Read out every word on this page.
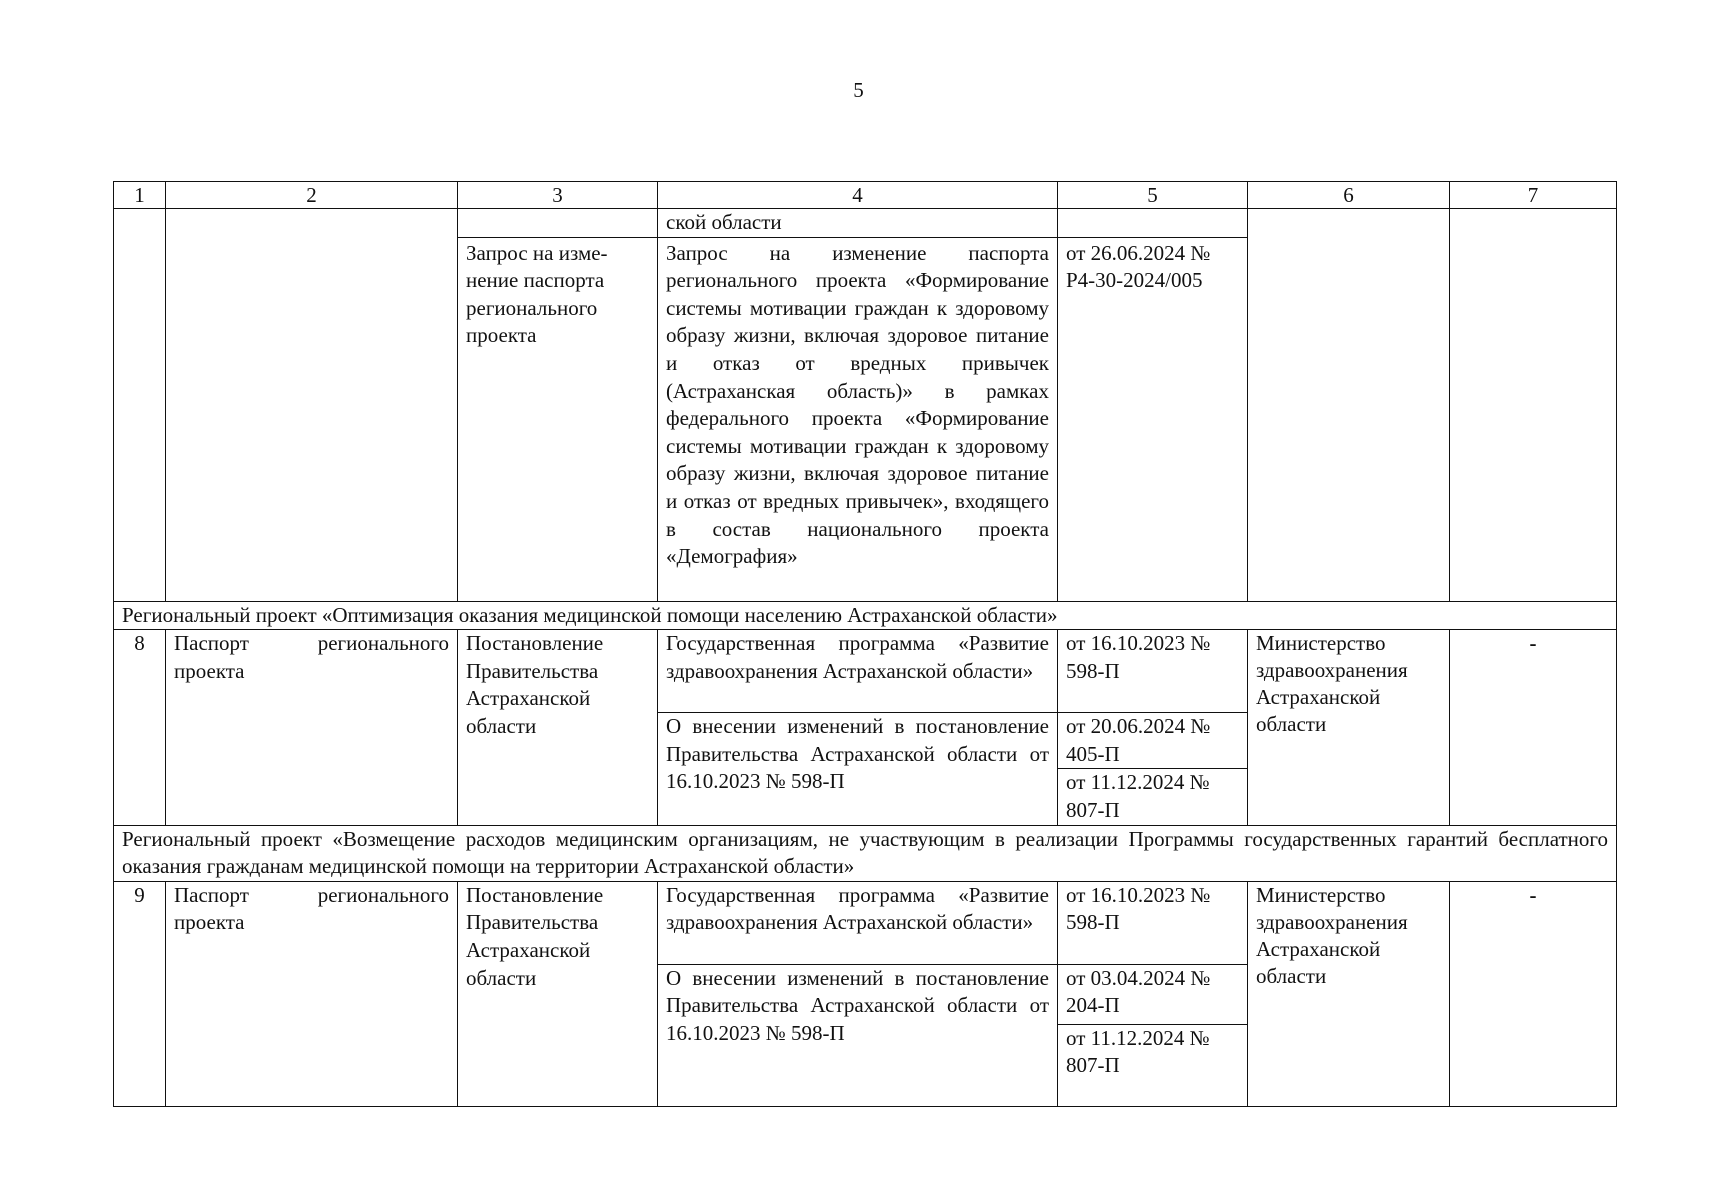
5
1	2	3	4	5	6	7
			ской области			
		Запрос на изме-нение паспорта регионального проекта	Запрос на изменение паспорта регионального проекта «Формирование системы мотивации граждан к здоровому образу жизни, включая здоровое питание и отказ от вредных привычек (Астраханская область)» в рамках федерального проекта «Формирование системы мотивации граждан к здоровому образу жизни, включая здоровое питание и отказ от вредных привычек», входящего в состав национального проекта «Демография»	от 26.06.2024 № Р4-30-2024/005		
Региональный проект «Оптимизация оказания медицинской помощи населению Астраханской области»						
8	Паспорт регионального проекта	Постановление Правительства Астраханской области	Государственная программа «Развитие здравоохранения Астраханской области»	от 16.10.2023 № 598-П	Министерство здравоохранения Астраханской области	-
			О внесении изменений в постановление Правительства Астраханской области от 16.10.2023 № 598-П	от 20.06.2024 № 405-П		
				от 11.12.2024 № 807-П		
Региональный проект «Возмещение расходов медицинским организациям, не участвующим в реализации Программы государственных гарантий бесплатного оказания гражданам медицинской помощи на территории Астраханской области»						
9	Паспорт регионального проекта	Постановление Правительства Астраханской области	Государственная программа «Развитие здравоохранения Астраханской области»	от 16.10.2023 № 598-П	Министерство здравоохранения Астраханской области	-
			О внесении изменений в постановление Правительства Астраханской области от 16.10.2023 № 598-П	от 03.04.2024 № 204-П		
				от 11.12.2024 № 807-П		
